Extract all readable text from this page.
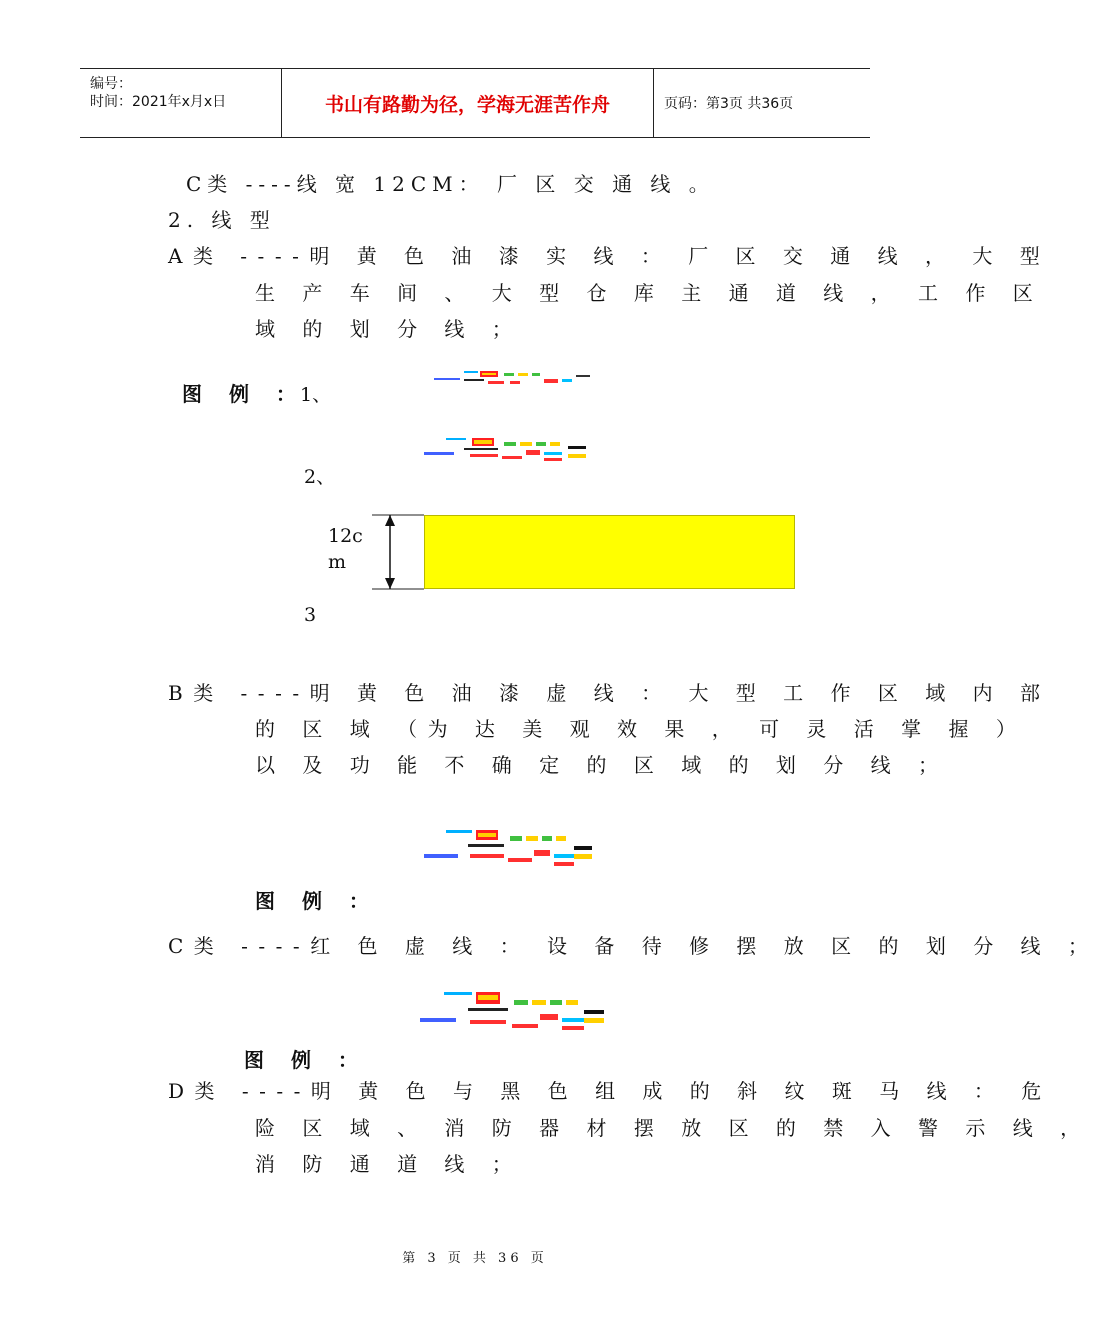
编号：
时间：2021年x月x日	书山有路勤为径，学海无涯苦作舟	页码：第3页 共36页
C类 ----线 宽 12CM： 厂 区 交 通 线 。
2. 线 型
A类 ----明 黄 色 油 漆 实 线 ： 厂 区 交 通 线 ， 大 型
生 产 车 间 、 大 型 仓 库 主 通 道 线 ， 工 作 区
域 的 划 分 线 ；
图 例 ：
1、
2、
12c
m
3
B类 ----明 黄 色 油 漆 虚 线 ： 大 型 工 作 区 域 内 部
的 区 域 （为 达 美 观 效 果 ， 可 灵 活 掌 握 ）
以 及 功 能 不 确 定 的 区 域 的 划 分 线 ；
图 例 ：
C类 ----红 色 虚 线 ： 设 备 待 修 摆 放 区 的 划 分 线 ；
图 例 ：
D类 ----明 黄 色 与 黑 色 组 成 的 斜 纹 斑 马 线 ： 危
险 区 域 、 消 防 器 材 摆 放 区 的 禁 入 警 示 线 ，
消 防 通 道 线 ；
第 3 页 共 36 页
